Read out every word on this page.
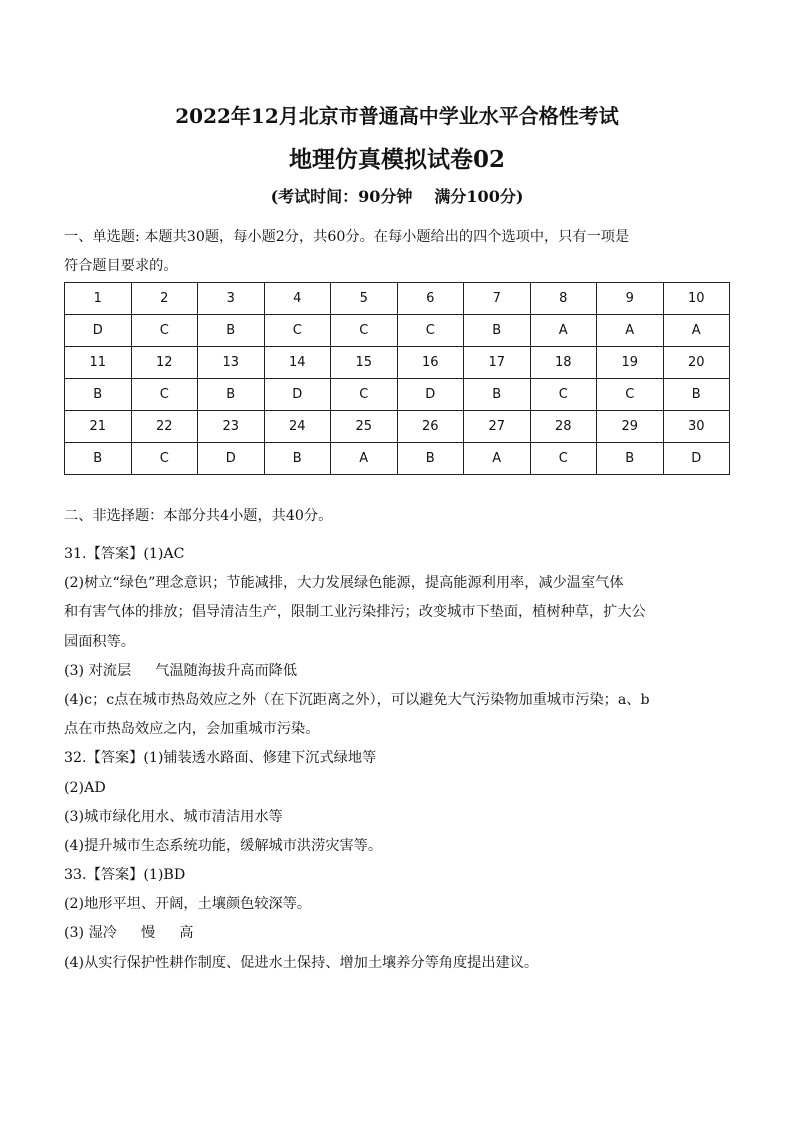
2022年12月北京市普通高中学业水平合格性考试
地理仿真模拟试卷02
(考试时间：90分钟 满分100分)
一、单选题: 本题共30题，每小题2分，共60分。在每小题给出的四个选项中，只有一项是
符合题目要求的。
1	2	3	4	5	6	7	8	9	10
D	C	B	C	C	C	B	A	A	A
11	12	13	14	15	16	17	18	19	20
B	C	B	D	C	D	B	C	C	B
21	22	23	24	25	26	27	28	29	30
B	C	D	B	A	B	A	C	B	D
二、非选择题：本部分共4小题，共40分。
31.【答案】(1)AC
(2)树立“绿色”理念意识；节能减排，大力发展绿色能源，提高能源利用率，减少温室气体
和有害气体的排放；倡导清洁生产，限制工业污染排污；改变城市下垫面，植树种草，扩大公
园面积等。
(3) 对流层 气温随海拔升高而降低
(4)c；c点在城市热岛效应之外（在下沉距离之外），可以避免大气污染物加重城市污染；a、b
点在市热岛效应之内，会加重城市污染。
32.【答案】(1)铺装透水路面、修建下沉式绿地等
(2)AD
(3)城市绿化用水、城市清洁用水等
(4)提升城市生态系统功能，缓解城市洪涝灾害等。
33.【答案】(1)BD
(2)地形平坦、开阔，土壤颜色较深等。
(3) 湿冷 慢 高
(4)从实行保护性耕作制度、促进水土保持、增加土壤养分等角度提出建议。
